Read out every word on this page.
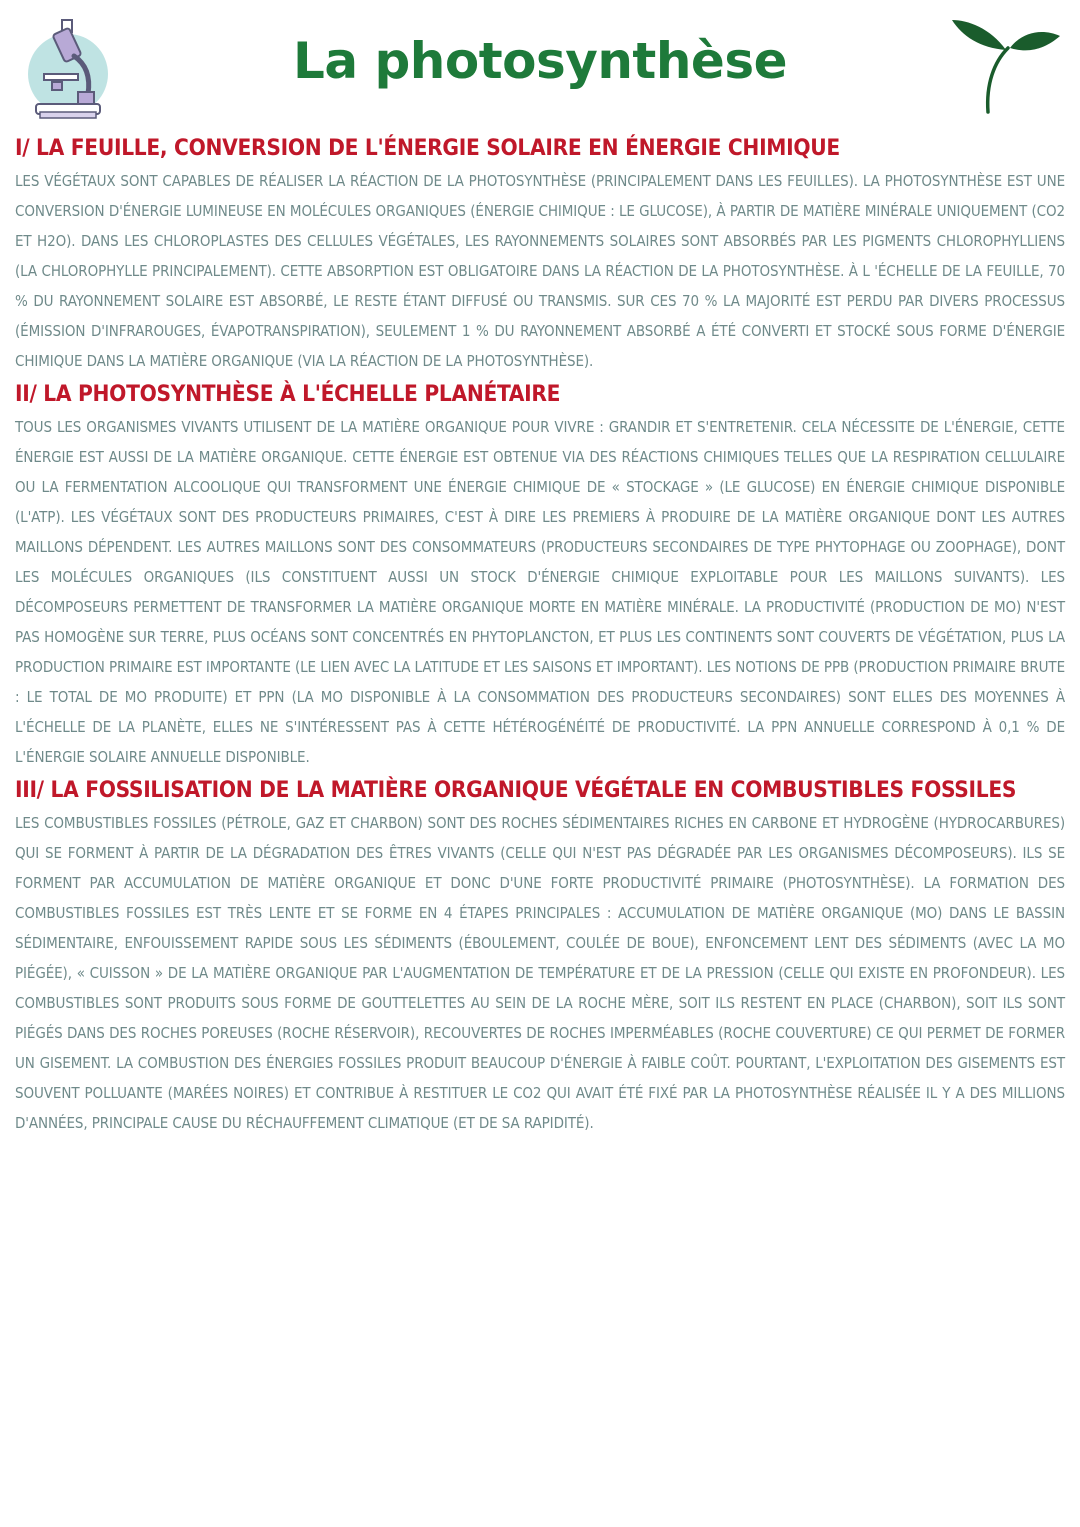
La photosynthèse
I/ LA FEUILLE, CONVERSION DE L'ÉNERGIE SOLAIRE EN ÉNERGIE CHIMIQUE

LES VÉGÉTAUX SONT CAPABLES DE RÉALISER LA RÉACTION DE LA PHOTOSYNTHÈSE (PRINCIPALEMENT DANS LES FEUILLES). LA PHOTOSYNTHÈSE EST UNE CONVERSION D'ÉNERGIE LUMINEUSE EN MOLÉCULES ORGANIQUES (ÉNERGIE CHIMIQUE : LE GLUCOSE), À PARTIR DE MATIÈRE MINÉRALE UNIQUEMENT (CO2 ET H2O). DANS LES CHLOROPLASTES DES CELLULES VÉGÉTALES, LES RAYONNEMENTS SOLAIRES SONT ABSORBÉS PAR LES PIGMENTS CHLOROPHYLLIENS (LA CHLOROPHYLLE PRINCIPALEMENT). CETTE ABSORPTION EST OBLIGATOIRE DANS LA RÉACTION DE LA PHOTOSYNTHÈSE. À L 'ÉCHELLE DE LA FEUILLE, 70 % DU RAYONNEMENT SOLAIRE EST ABSORBÉ, LE RESTE ÉTANT DIFFUSÉ OU TRANSMIS. SUR CES 70 % LA MAJORITÉ EST PERDU PAR DIVERS PROCESSUS (ÉMISSION D'INFRAROUGES, ÉVAPOTRANSPIRATION), SEULEMENT 1 % DU RAYONNEMENT ABSORBÉ A ÉTÉ CONVERTI ET STOCKÉ SOUS FORME D'ÉNERGIE CHIMIQUE DANS LA MATIÈRE ORGANIQUE (VIA LA RÉACTION DE LA PHOTOSYNTHÈSE).

II/ LA PHOTOSYNTHÈSE À L'ÉCHELLE PLANÉTAIRE

TOUS LES ORGANISMES VIVANTS UTILISENT DE LA MATIÈRE ORGANIQUE POUR VIVRE : GRANDIR ET S'ENTRETENIR. CELA NÉCESSITE DE L'ÉNERGIE, CETTE ÉNERGIE EST AUSSI DE LA MATIÈRE ORGANIQUE. CETTE ÉNERGIE EST OBTENUE VIA DES RÉACTIONS CHIMIQUES TELLES QUE LA RESPIRATION CELLULAIRE OU LA FERMENTATION ALCOOLIQUE QUI TRANSFORMENT UNE ÉNERGIE CHIMIQUE DE « STOCKAGE » (LE GLUCOSE) EN ÉNERGIE CHIMIQUE DISPONIBLE (L'ATP). LES VÉGÉTAUX SONT DES PRODUCTEURS PRIMAIRES, C'EST À DIRE LES PREMIERS À PRODUIRE DE LA MATIÈRE ORGANIQUE DONT LES AUTRES MAILLONS DÉPENDENT. LES AUTRES MAILLONS SONT DES CONSOMMATEURS (PRODUCTEURS SECONDAIRES DE TYPE PHYTOPHAGE OU ZOOPHAGE), DONT LES MOLÉCULES ORGANIQUES (ILS CONSTITUENT AUSSI UN STOCK D'ÉNERGIE CHIMIQUE EXPLOITABLE POUR LES MAILLONS SUIVANTS). LES DÉCOMPOSEURS PERMETTENT DE TRANSFORMER LA MATIÈRE ORGANIQUE MORTE EN MATIÈRE MINÉRALE. LA PRODUCTIVITÉ (PRODUCTION DE MO) N'EST PAS HOMOGÈNE SUR TERRE, PLUS OCÉANS SONT CONCENTRÉS EN PHYTOPLANCTON, ET PLUS LES CONTINENTS SONT COUVERTS DE VÉGÉTATION, PLUS LA PRODUCTION PRIMAIRE EST IMPORTANTE (LE LIEN AVEC LA LATITUDE ET LES SAISONS ET IMPORTANT). LES NOTIONS DE PPB (PRODUCTION PRIMAIRE BRUTE : LE TOTAL DE MO PRODUITE) ET PPN (LA MO DISPONIBLE À LA CONSOMMATION DES PRODUCTEURS SECONDAIRES) SONT ELLES DES MOYENNES À L'ÉCHELLE DE LA PLANÈTE, ELLES NE S'INTÉRESSENT PAS À CETTE HÉTÉROGÉNÉITÉ DE PRODUCTIVITÉ. LA PPN ANNUELLE CORRESPOND À 0,1 % DE L'ÉNERGIE SOLAIRE ANNUELLE DISPONIBLE.

III/ LA FOSSILISATION DE LA MATIÈRE ORGANIQUE VÉGÉTALE EN COMBUSTIBLES FOSSILES

LES COMBUSTIBLES FOSSILES (PÉTROLE, GAZ ET CHARBON) SONT DES ROCHES SÉDIMENTAIRES RICHES EN CARBONE ET HYDROGÈNE (HYDROCARBURES) QUI SE FORMENT À PARTIR DE LA DÉGRADATION DES ÊTRES VIVANTS (CELLE QUI N'EST PAS DÉGRADÉE PAR LES ORGANISMES DÉCOMPOSEURS). ILS SE FORMENT PAR ACCUMULATION DE MATIÈRE ORGANIQUE ET DONC D'UNE FORTE PRODUCTIVITÉ PRIMAIRE (PHOTOSYNTHÈSE). LA FORMATION DES COMBUSTIBLES FOSSILES EST TRÈS LENTE ET SE FORME EN 4 ÉTAPES PRINCIPALES : ACCUMULATION DE MATIÈRE ORGANIQUE (MO) DANS LE BASSIN SÉDIMENTAIRE, ENFOUISSEMENT RAPIDE SOUS LES SÉDIMENTS (ÉBOULEMENT, COULÉE DE BOUE), ENFONCEMENT LENT DES SÉDIMENTS (AVEC LA MO PIÉGÉE), « CUISSON » DE LA MATIÈRE ORGANIQUE PAR L'AUGMENTATION DE TEMPÉRATURE ET DE LA PRESSION (CELLE QUI EXISTE EN PROFONDEUR). LES COMBUSTIBLES SONT PRODUITS SOUS FORME DE GOUTTELETTES AU SEIN DE LA ROCHE MÈRE, SOIT ILS RESTENT EN PLACE (CHARBON), SOIT ILS SONT PIÉGÉS DANS DES ROCHES POREUSES (ROCHE RÉSERVOIR), RECOUVERTES DE ROCHES IMPERMÉABLES (ROCHE COUVERTURE) CE QUI PERMET DE FORMER UN GISEMENT. LA COMBUSTION DES ÉNERGIES FOSSILES PRODUIT BEAUCOUP D'ÉNERGIE À FAIBLE COÛT. POURTANT, L'EXPLOITATION DES GISEMENTS EST SOUVENT POLLUANTE (MARÉES NOIRES) ET CONTRIBUE À RESTITUER LE CO2 QUI AVAIT ÉTÉ FIXÉ PAR LA PHOTOSYNTHÈSE RÉALISÉE IL Y A DES MILLIONS D'ANNÉES, PRINCIPALE CAUSE DU RÉCHAUFFEMENT CLIMATIQUE (ET DE SA RAPIDITÉ).
